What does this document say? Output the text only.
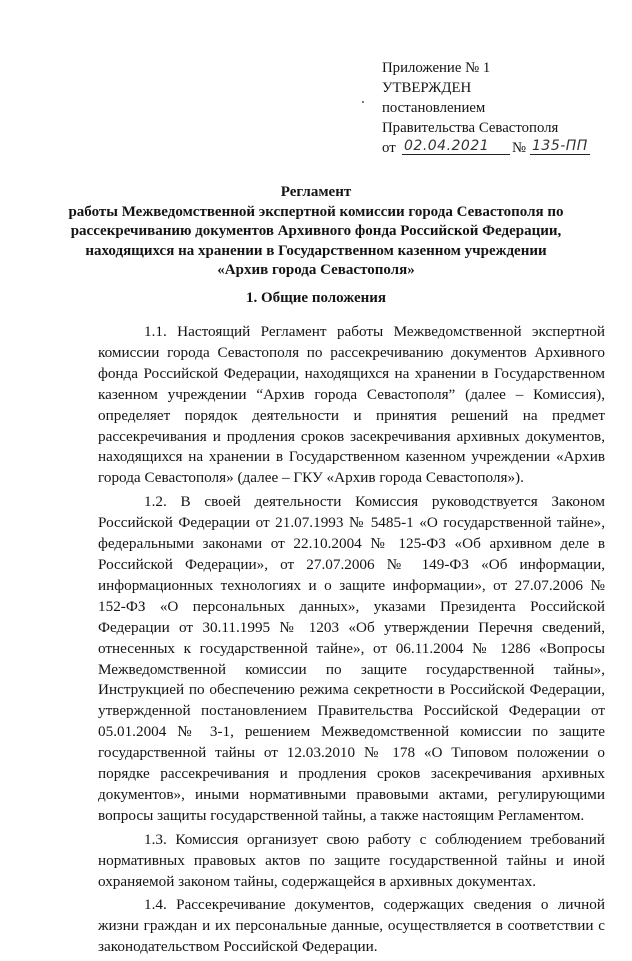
Приложение № 1
УТВЕРЖДЕН
постановлением
Правительства Севастополя
от 02.04.2021 № 135-ПП
Регламент
работы Межведомственной экспертной комиссии города Севастополя по рассекречиванию документов Архивного фонда Российской Федерации, находящихся на хранении в Государственном казенном учреждении «Архив города Севастополя»
1. Общие положения

1.1. Настоящий Регламент работы Межведомственной экспертной комиссии города Севастополя по рассекречиванию документов Архивного фонда Российской Федерации, находящихся на хранении в Государственном казенном учреждении “Архив города Севастополя” (далее – Комиссия), определяет порядок деятельности и принятия решений на предмет рассекречивания и продления сроков засекречивания архивных документов, находящихся на хранении в Государственном казенном учреждении «Архив города Севастополя» (далее – ГКУ «Архив города Севастополя»).

1.2. В своей деятельности Комиссия руководствуется Законом Российской Федерации от 21.07.1993 № 5485-1 «О государственной тайне», федеральными законами от 22.10.2004 № 125-ФЗ «Об архивном деле в Российской Федерации», от 27.07.2006 № 149-ФЗ «Об информации, информационных технологиях и о защите информации», от 27.07.2006 № 152-ФЗ «О персональных данных», указами Президента Российской Федерации от 30.11.1995 № 1203 «Об утверждении Перечня сведений, отнесенных к государственной тайне», от 06.11.2004 № 1286 «Вопросы Межведомственной комиссии по защите государственной тайны», Инструкцией по обеспечению режима секретности в Российской Федерации, утвержденной постановлением Правительства Российской Федерации от 05.01.2004 № 3-1, решением Межведомственной комиссии по защите государственной тайны от 12.03.2010 № 178 «О Типовом положении о порядке рассекречивания и продления сроков засекречивания архивных документов», иными нормативными правовыми актами, регулирующими вопросы защиты государственной тайны, а также настоящим Регламентом.

1.3. Комиссия организует свою работу с соблюдением требований нормативных правовых актов по защите государственной тайны и иной охраняемой законом тайны, содержащейся в архивных документах.

1.4. Рассекречивание документов, содержащих сведения о личной жизни граждан и их персональные данные, осуществляется в соответствии с законодательством Российской Федерации.
